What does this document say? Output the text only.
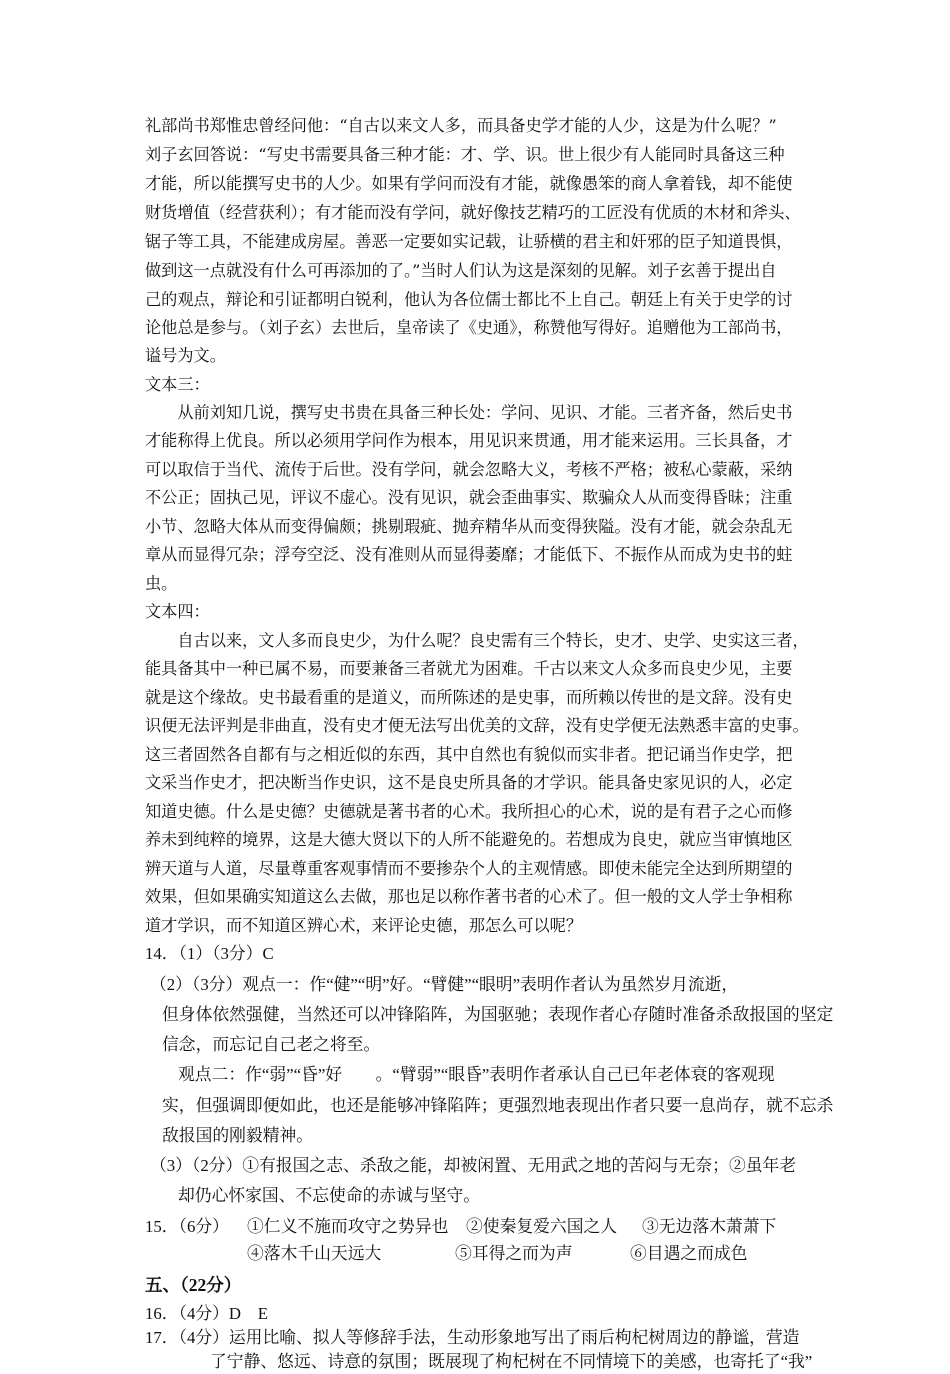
礼部尚书郑惟忠曾经问他：“自古以来文人多，而具备史学才能的人少，这是为什么呢？”
刘子玄回答说：“写史书需要具备三种才能：才、学、识。世上很少有人能同时具备这三种
才能，所以能撰写史书的人少。如果有学问而没有才能，就像愚笨的商人拿着钱，却不能使
财货增值（经营获利）；有才能而没有学问，就好像技艺精巧的工匠没有优质的木材和斧头、
锯子等工具，不能建成房屋。善恶一定要如实记载，让骄横的君主和奸邪的臣子知道畏惧，
做到这一点就没有什么可再添加的了。”当时人们认为这是深刻的见解。刘子玄善于提出自
己的观点，辩论和引证都明白锐利，他认为各位儒士都比不上自己。朝廷上有关于史学的讨
论他总是参与。（刘子玄）去世后，皇帝读了《史通》，称赞他写得好。追赠他为工部尚书，
谥号为文。
文本三：
　　从前刘知几说，撰写史书贵在具备三种长处：学问、见识、才能。三者齐备，然后史书
才能称得上优良。所以必须用学问作为根本，用见识来贯通，用才能来运用。三长具备，才
可以取信于当代、流传于后世。没有学问，就会忽略大义，考核不严格；被私心蒙蔽，采纳
不公正；固执己见，评议不虚心。没有见识，就会歪曲事实、欺骗众人从而变得昏昧；注重
小节、忽略大体从而变得偏颇；挑剔瑕疵、抛弃精华从而变得狭隘。没有才能，就会杂乱无
章从而显得冗杂；浮夸空泛、没有准则从而显得萎靡；才能低下、不振作从而成为史书的蛀
虫。
文本四：
　　自古以来，文人多而良史少，为什么呢？良史需有三个特长，史才、史学、史实这三者，
能具备其中一种已属不易，而要兼备三者就尤为困难。千古以来文人众多而良史少见，主要
就是这个缘故。史书最看重的是道义，而所陈述的是史事，而所赖以传世的是文辞。没有史
识便无法评判是非曲直，没有史才便无法写出优美的文辞，没有史学便无法熟悉丰富的史事。
这三者固然各自都有与之相近似的东西，其中自然也有貌似而实非者。把记诵当作史学，把
文采当作史才，把决断当作史识，这不是良史所具备的才学识。能具备史家见识的人，必定
知道史德。什么是史德？史德就是著书者的心术。我所担心的心术，说的是有君子之心而修
养未到纯粹的境界，这是大德大贤以下的人所不能避免的。若想成为良史，就应当审慎地区
辨天道与人道，尽量尊重客观事情而不要掺杂个人的主观情感。即使未能完全达到所期望的
效果，但如果确实知道这么去做，那也足以称作著书者的心术了。但一般的文人学士争相称
道才学识，而不知道区辨心术，来评论史德，那怎么可以呢？
14．（1）（3分）C
（2）（3分）观点一：作“健”“明”好。“臂健”“眼明”表明作者认为虽然岁月流逝，
但身体依然强健，当然还可以冲锋陷阵，为国驱驰；表现作者心存随时准备杀敌报国的坚定
信念，而忘记自己老之将至。
观点二：作“弱”“昏”好　　。“臂弱”“眼昏”表明作者承认自己已年老体衰的客观现
实，但强调即便如此，也还是能够冲锋陷阵；更强烈地表现出作者只要一息尚存，就不忘杀
敌报国的刚毅精神。
（3）（2分）①有报国之志、杀敌之能，却被闲置、无用武之地的苦闷与无奈；②虽年老
却仍心怀家国、不忘使命的赤诚与坚守。
15．（6分） ①仁义不施而攻守之势异也 ②使秦复爱六国之人 ③无边落木萧萧下
④落木千山天远大	⑤耳得之而为声	⑥目遇之而成色
五、（22分）
16．（4分）D　E
17．（4分）运用比喻、拟人等修辞手法，生动形象地写出了雨后枸杞树周边的静谧，营造
了宁静、悠远、诗意的氛围；既展现了枸杞树在不同情境下的美感，也寄托了“我”
